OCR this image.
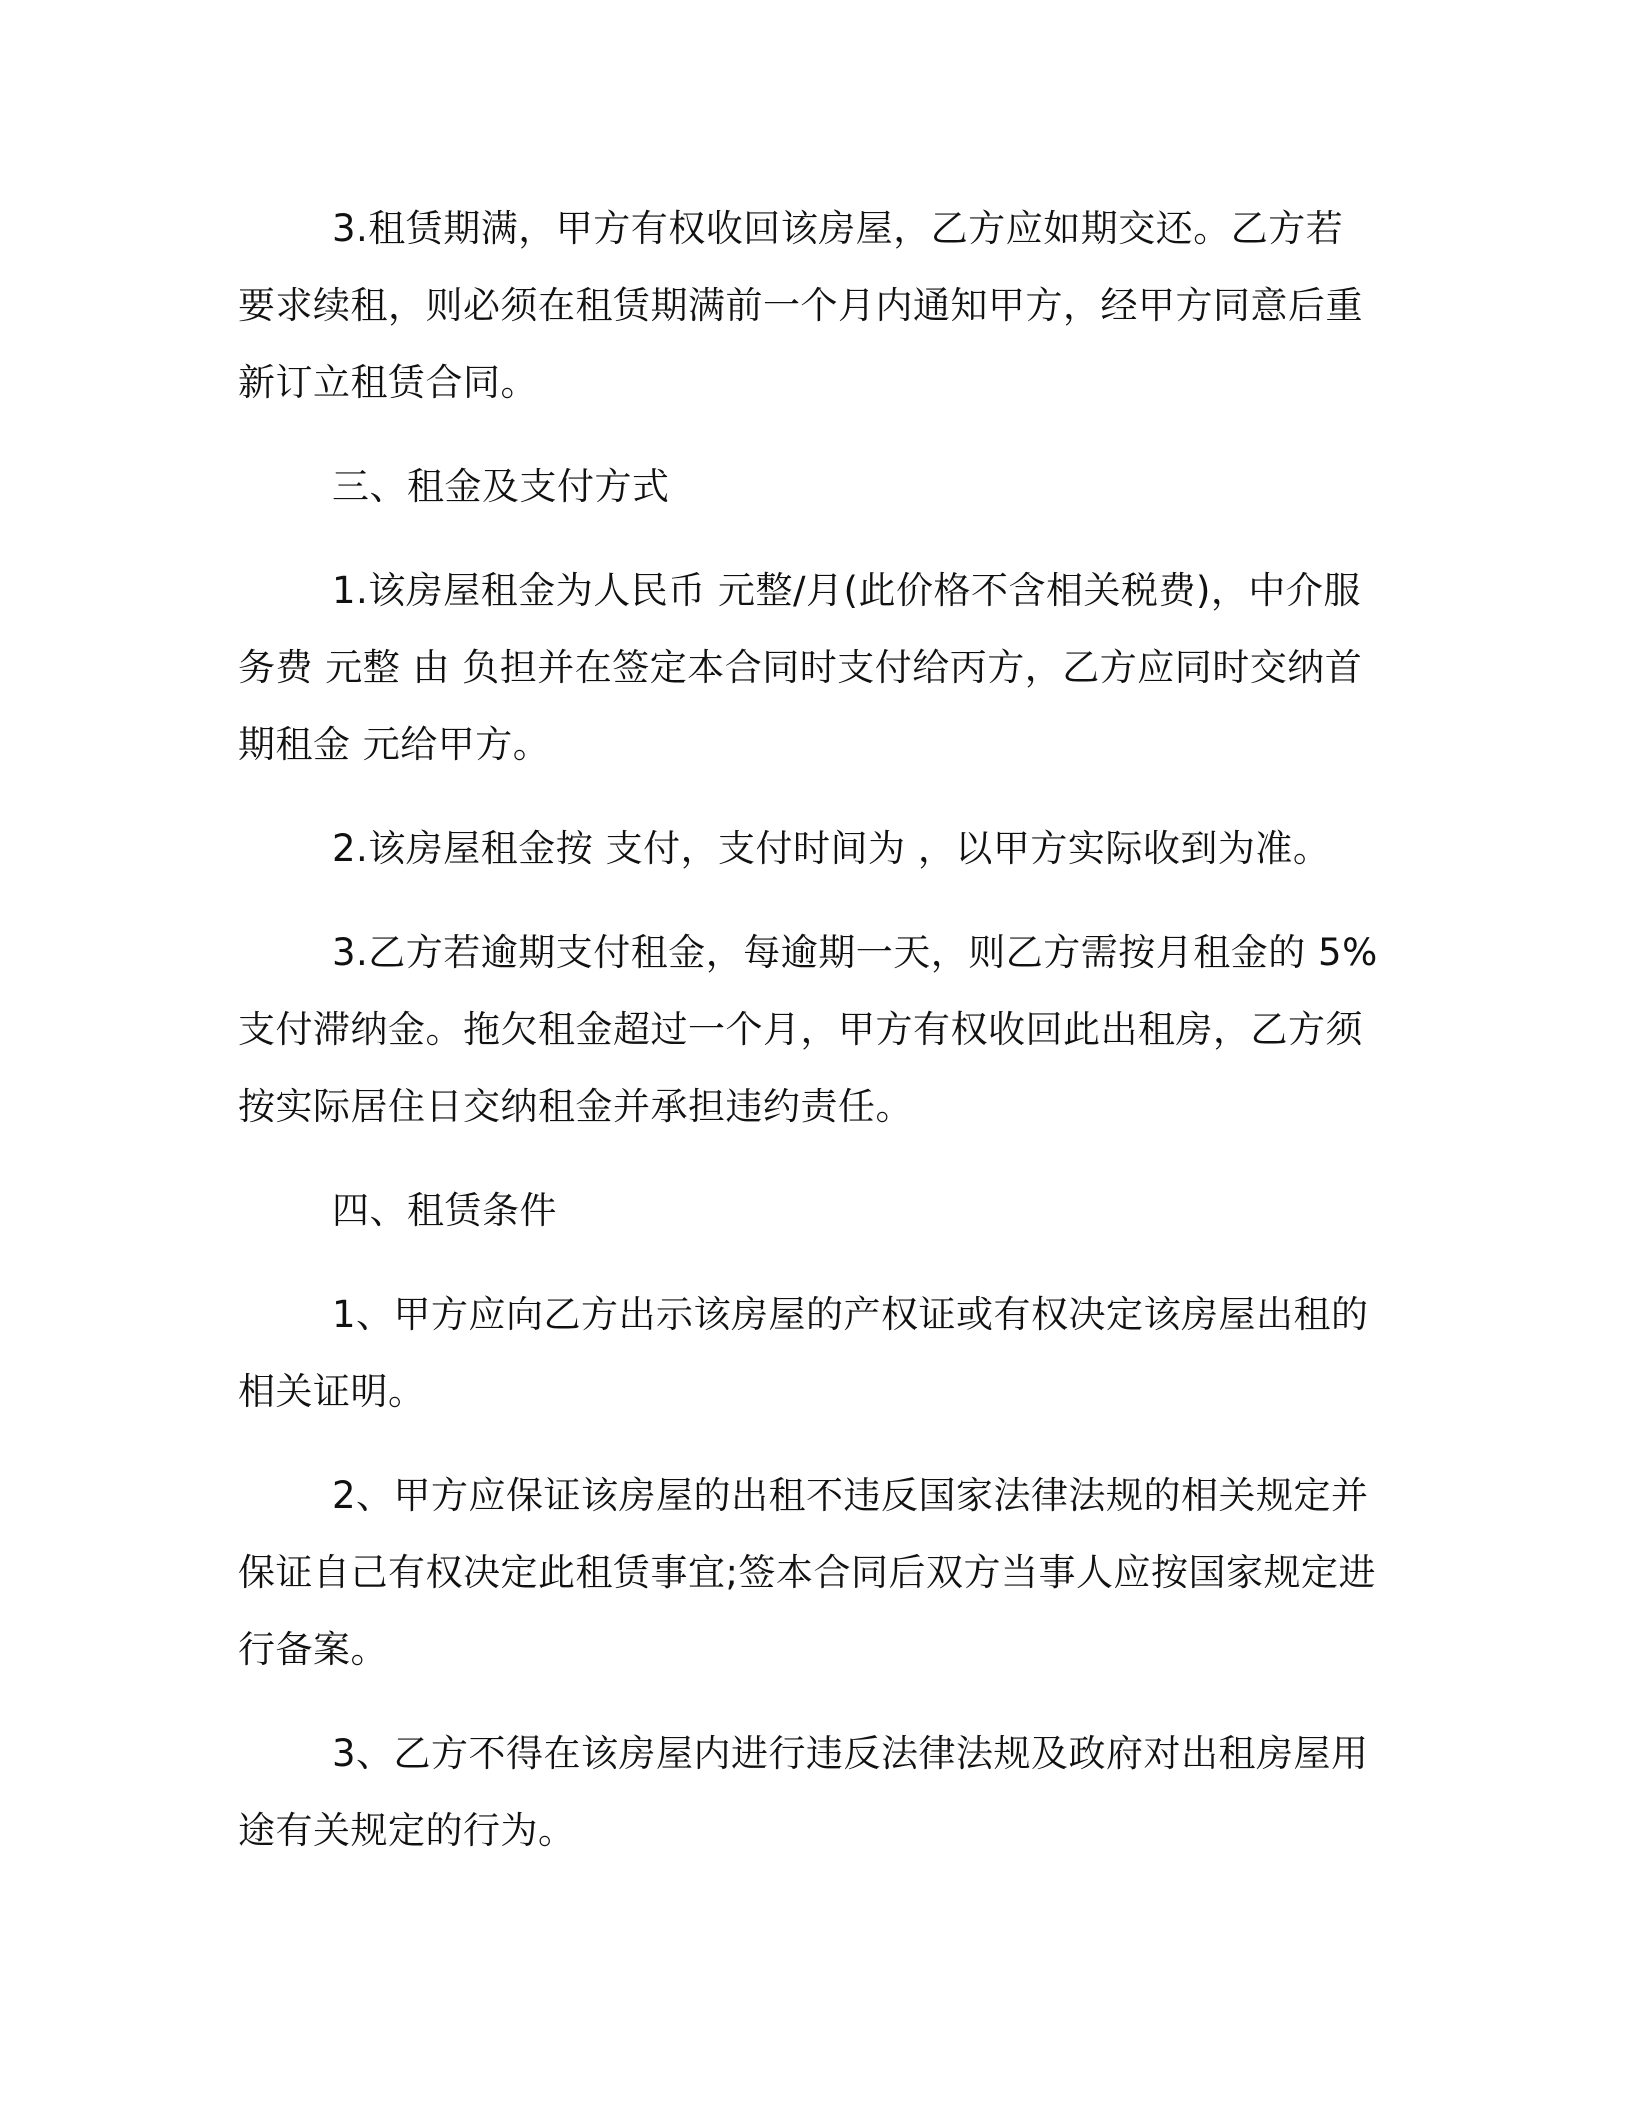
3.租赁期满，甲方有权收回该房屋，乙方应如期交还。乙方若要求续租，则必须在租赁期满前一个月内通知甲方，经甲方同意后重新订立租赁合同。

三、租金及支付方式

1.该房屋租金为人民币 元整/月(此价格不含相关税费)，中介服务费 元整 由 负担并在签定本合同时支付给丙方，乙方应同时交纳首期租金 元给甲方。

2.该房屋租金按 支付，支付时间为 ，以甲方实际收到为准。

3.乙方若逾期支付租金，每逾期一天，则乙方需按月租金的 5%支付滞纳金。拖欠租金超过一个月，甲方有权收回此出租房，乙方须按实际居住日交纳租金并承担违约责任。

四、租赁条件

1、甲方应向乙方出示该房屋的产权证或有权决定该房屋出租的相关证明。

2、甲方应保证该房屋的出租不违反国家法律法规的相关规定并保证自己有权决定此租赁事宜;签本合同后双方当事人应按国家规定进行备案。

3、乙方不得在该房屋内进行违反法律法规及政府对出租房屋用途有关规定的行为。
